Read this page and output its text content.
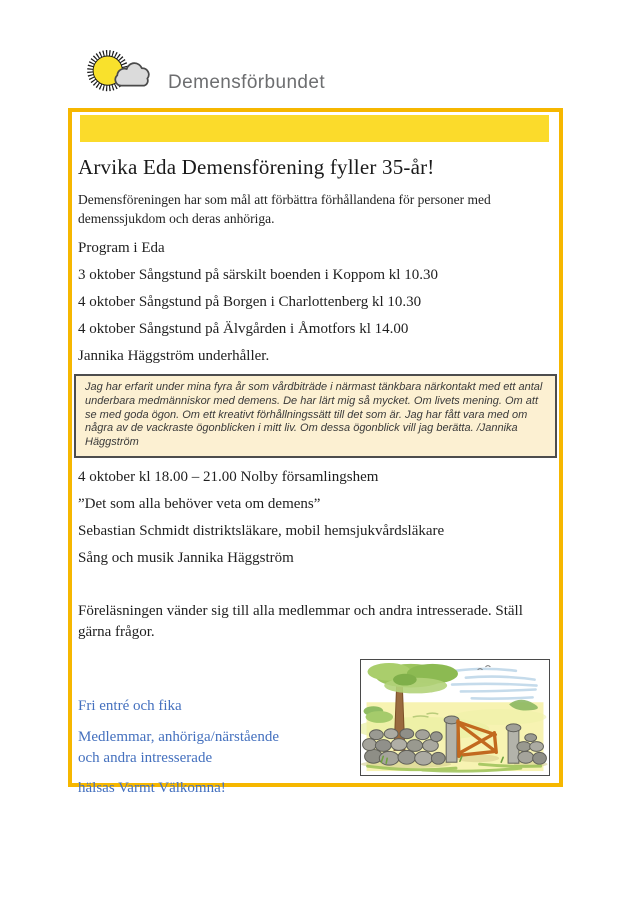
Demensförbundet
Arvika Eda Demensförening fyller 35-år!

Demensföreningen har som mål att förbättra förhållandena för personer med demenssjukdom och deras anhöriga.

Program i Eda

3 oktober Sångstund på särskilt boenden i Koppom kl 10.30

4 oktober Sångstund på Borgen i Charlottenberg kl 10.30

4 oktober Sångstund på Älvgården i Åmotfors kl 14.00

Jannika Häggström underhåller.

Jag har erfarit under mina fyra år som vårdbiträde i närmast tänkbara närkontakt med ett antal underbara medmänniskor med demens. De har lärt mig så mycket. Om livets mening. Om att se med goda ögon. Om ett kreativt förhållningssätt till det som är. Jag har fått vara med om några av de vackraste ögonblicken i mitt liv. Om dessa ögonblick vill jag berätta. /Jannika Häggström

4 oktober kl 18.00 – 21.00 Nolby församlingshem

”Det som alla behöver veta om demens”

Sebastian Schmidt distriktsläkare, mobil hemsjukvårdsläkare

Sång och musik Jannika Häggström

Föreläsningen vänder sig till alla medlemmar och andra intresserade. Ställ gärna frågor.

Fri entré och fika
Medlemmar, anhöriga/närstående
och andra intresserade
hälsas Varmt Välkomna!
